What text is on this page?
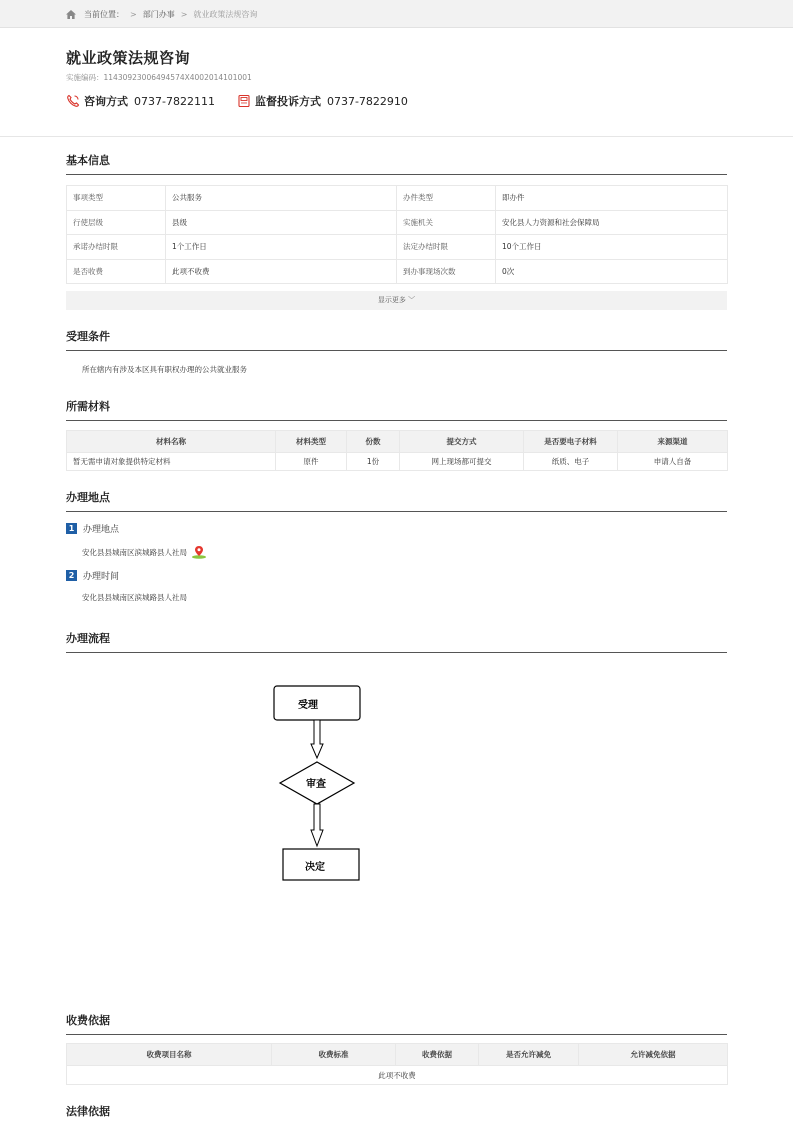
当前位置： > 部门办事 > 就业政策法规咨询
就业政策法规咨询
实施编码：11430923006494574X4002014101001
咨询方式 0737-7822111	监督投诉方式 0737-7822910
基本信息
事项类型	公共服务	办件类型	即办件
行使层级	县级	实施机关	安化县人力资源和社会保障局
承诺办结时限	1个工作日	法定办结时限	10个工作日
是否收费	此项不收费	到办事现场次数	0次
显示更多 ﹀
受理条件
所在辖内有涉及本区具有职权办理的公共就业服务
所需材料
材料名称	材料类型	份数	提交方式	是否要电子材料	来源渠道
暂无需申请对象提供特定材料	原件	1份	网上现场都可提交	纸质、电子	申请人自备
办理地点
1 办理地点
安化县县城南区滨城路县人社局
2 办理时间
安化县县城南区滨城路县人社局
办理流程
受理
审查
决定
收费依据
收费项目名称	收费标准	收费依据	是否允许减免	允许减免依据
此项不收费
法律依据
